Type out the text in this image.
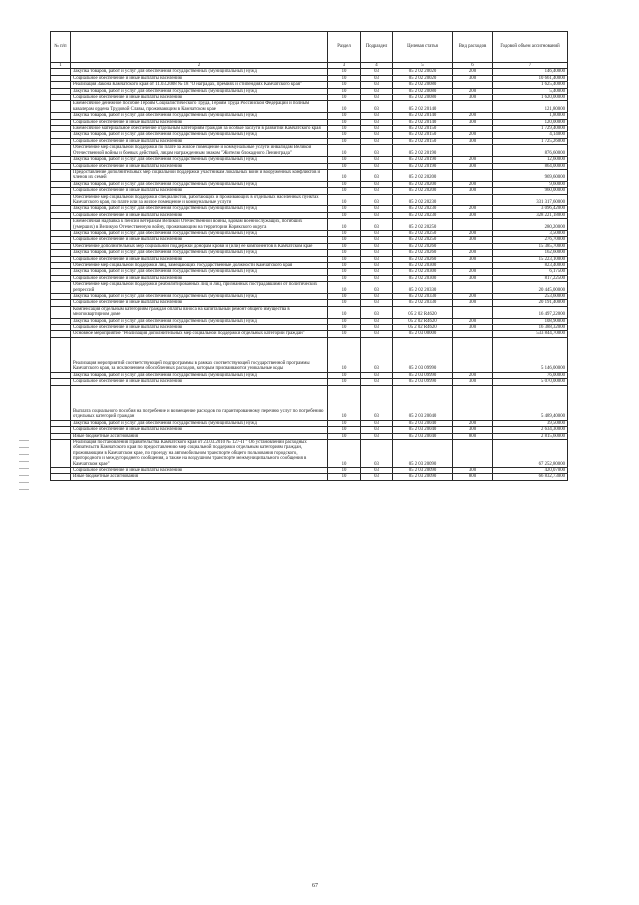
№ п/п		Раздел	Подраздел	Целевая статья	Вид расходов	Годовой объем ассигнований
1	2	3	4	5	6	7
	Закупка товаров, работ и услуг для обеспечения государственных (муниципальных) нужд	10	03	05 2 02 20020	200	146,40000
	Социальное обеспечение и иные выплаты населению	10	03	05 2 02 20020	300	10 661,40000
	Реализация Закона Камчатского края от 11.03.2008 № 18 "О наградах, премиях и стипендиях Камчатского края"	10	03	05 2 02 20080		1 625,40000
	Закупка товаров, работ и услуг для обеспечения государственных (муниципальных) нужд	10	03	05 2 02 20080	200	5,40000
	Социальное обеспечение и иные выплаты населению	10	03	05 2 02 20080	300	1 620,00000
	Ежемесячное денежное пособие Героям Социалистического Труда, Героям Труда Российской Федерации и полным кавалерам ордена Трудовой Славы, проживающим в Камчатском крае	10	03	05 2 02 20140		121,80000
	Закупка товаров, работ и услуг для обеспечения государственных (муниципальных) нужд	10	03	05 2 02 20140	200	1,80000
	Социальное обеспечение и иные выплаты населению	10	03	05 2 02 20140	300	120,00000
	Ежемесячное материальное обеспечение отдельным категориям граждан за особые заслуги в развитии Камчатского края	10	03	05 2 02 20150		1 729,40000
	Закупка товаров, работ и услуг для обеспечения государственных (муниципальных) нужд	10	03	05 2 02 20150	200	4,14000
	Социальное обеспечение и иные выплаты населению	10	03	05 2 02 20150	300	1 725,26000
	Обеспечение мер социальной поддержки по плате за жилое помещение и коммунальные услуги инвалидам Великой Отечественной войны и боевых действий, лицам награжденным знаком "Жителю блокадного Ленинграда"	10	03	05 2 02 20190		876,60000
	Закупка товаров, работ и услуг для обеспечения государственных (муниципальных) нужд	10	03	05 2 02 20190	200	12,60000
	Социальное обеспечение и иные выплаты населению	10	03	05 2 02 20190	300	864,00000
	Предоставление дополнительных мер социальной поддержки участникам локальных войн и вооруженных конфликтов и членов их семей	10	03	05 2 02 20200		969,60000
	Закупка товаров, работ и услуг для обеспечения государственных (муниципальных) нужд	10	03	05 2 02 20200	200	9,60000
	Социальное обеспечение и иные выплаты населению	10	03	05 2 02 20200	300	960,00000
	Обеспечение мер социальной поддержки специалистов, работающих и проживающих в отдельных населенных пунктах Камчатского края, по плате или за жилое помещение и коммунальные услуги	10	03	05 2 02 20230		331 317,60000
	Закупка товаров, работ и услуг для обеспечения государственных (муниципальных) нужд	10	03	05 2 02 20230	200	3 096,42000
	Социальное обеспечение и иные выплаты населению	10	03	05 2 02 20230	300	328 221,18000
	Ежемесячная надбавка к пенсии ветеранам Великой Отечественной войны, вдовам военнослужащих, погибших (умерших) в Великую Отечественную войну, проживающим на территории Корякского округа	10	03	05 2 02 20250		280,20000
	Закупка товаров, работ и услуг для обеспечения государственных (муниципальных) нужд	10	03	05 2 02 20250	200	3,50000
	Социальное обеспечение и иные выплаты населению	10	03	05 2 02 20250	300	276,70000
	Обеспечение дополнительных мер социальной поддержки донорам крови и (или) ее компонентов в Камчатском крае	10	03	05 2 02 20260		15 385,70000
	Закупка товаров, работ и услуг для обеспечения государственных (муниципальных) нужд	10	03	05 2 02 20260	200	162,60000
	Социальное обеспечение и иные выплаты населению	10	03	05 2 02 20260	300	15 223,10000
	Обеспечение мер социальной поддержки лиц, замещающих государственные должности Камчатского края	10	03	05 2 02 20300		823,40000
	Закупка товаров, работ и услуг для обеспечения государственных (муниципальных) нужд	10	03	05 2 02 20300	200	6,17500
	Социальное обеспечение и иные выплаты населению	10	03	05 2 02 20300	300	817,22500
	Обеспечение мер социальной поддержки реабилитированных лиц и лиц, признанных пострадавшими от политических репрессий	10	03	05 2 02 20330		20 445,00000
	Закупка товаров, работ и услуг для обеспечения государственных (муниципальных) нужд	10	03	05 2 02 20330	200	253,60000
	Социальное обеспечение и иные выплаты населению	10	03	05 2 02 20330	300	20 191,40000
	Компенсация отдельным категориям граждан оплаты взноса на капитальный ремонт общего имущества в многоквартирном доме	10	03	05 2 02 R4620		16 497,22000
	Закупка товаров, работ и услуг для обеспечения государственных (муниципальных) нужд	10	03	05 2 02 R4620	200	108,90000
	Социальное обеспечение и иные выплаты населению	10	03	05 2 02 R4620	300	16 388,32000
	Основное мероприятие "Реализация дополнительных мер социальной поддержки отдельных категорий граждан"	10	03	05 2 03 00000		533 844,70000
	Реализация мероприятий соответствующей подпрограммы в рамках соответствующей государственной программы Камчатского края, за исключением обособленных расходов, которым присваиваются уникальные коды	10	03	05 2 03 09990		5 146,00000
	Закупка товаров, работ и услуг для обеспечения государственных (муниципальных) нужд	10	03	05 2 03 09990	200	76,00000
	Социальное обеспечение и иные выплаты населению	10	03	05 2 03 09990	300	5 070,00000
	Выплата социального пособия на погребение и возмещение расходов по гарантированному перечню услуг по погребению отдельных категорий граждан	10	03	05 2 03 20040		5 489,40000
	Закупка товаров, работ и услуг для обеспечения государственных (муниципальных) нужд	10	03	05 2 03 20040	200	39,50000
	Социальное обеспечение и иные выплаты населению	10	03	05 2 03 20040	300	2 634,30000
	Иные бюджетные ассигнования	10	03	05 2 03 20040	800	2 815,60000
	Реализация постановления Правительства Камчатского края от 23.03.2010 № 127-П " Об установлении расходных обязательств Камчатского края по предоставлению мер социальной поддержки отдельным категориям граждан, проживающим в Камчатском крае, по проезду на автомобильном транспорте общего пользования городского, пригородного и междугороднего сообщения, а также на воздушном транспорте межмуниципального сообщения в Камчатском крае"	10	03	05 2 03 20090		67 252,80000
	Социальное обеспечение и иные выплаты населению	10	03	05 2 03 20090	300	420,07000
	Иные бюджетные ассигнования	10	03	05 2 03 20090	800	66 832,73000
67
